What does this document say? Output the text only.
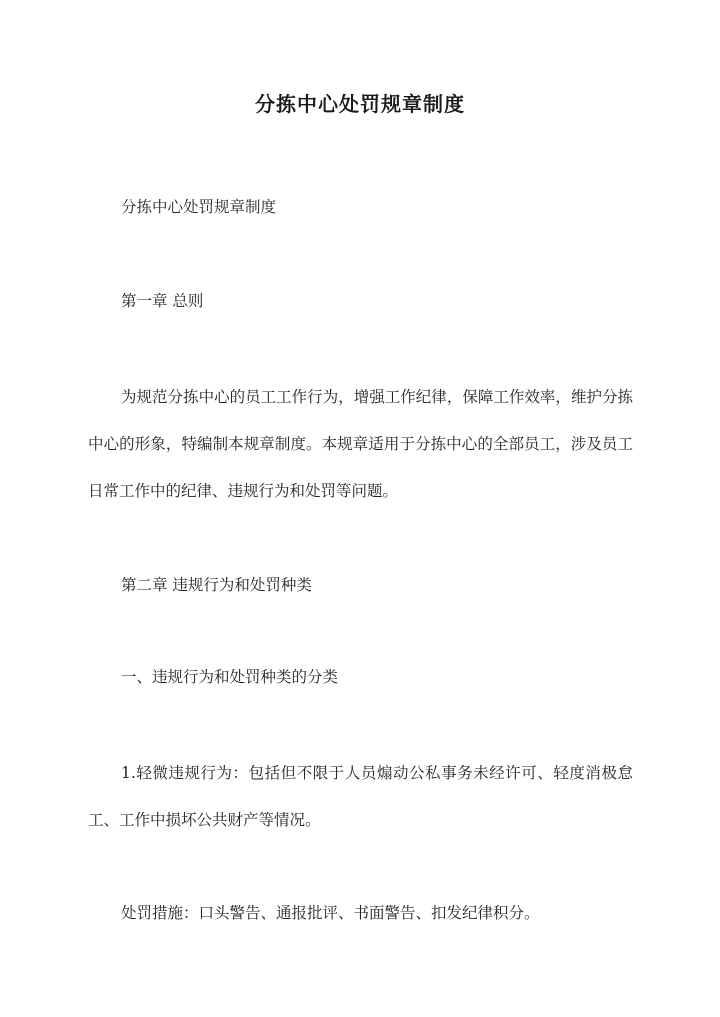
分拣中心处罚规章制度
分拣中心处罚规章制度
第一章 总则
为规范分拣中心的员工工作行为，增强工作纪律，保障工作效率，维护分拣中心的形象，特编制本规章制度。本规章适用于分拣中心的全部员工，涉及员工日常工作中的纪律、违规行为和处罚等问题。
第二章 违规行为和处罚种类
一、违规行为和处罚种类的分类
1.轻微违规行为：包括但不限于人员煽动公私事务未经许可、轻度消极怠工、工作中损坏公共财产等情况。
处罚措施：口头警告、通报批评、书面警告、扣发纪律积分。
